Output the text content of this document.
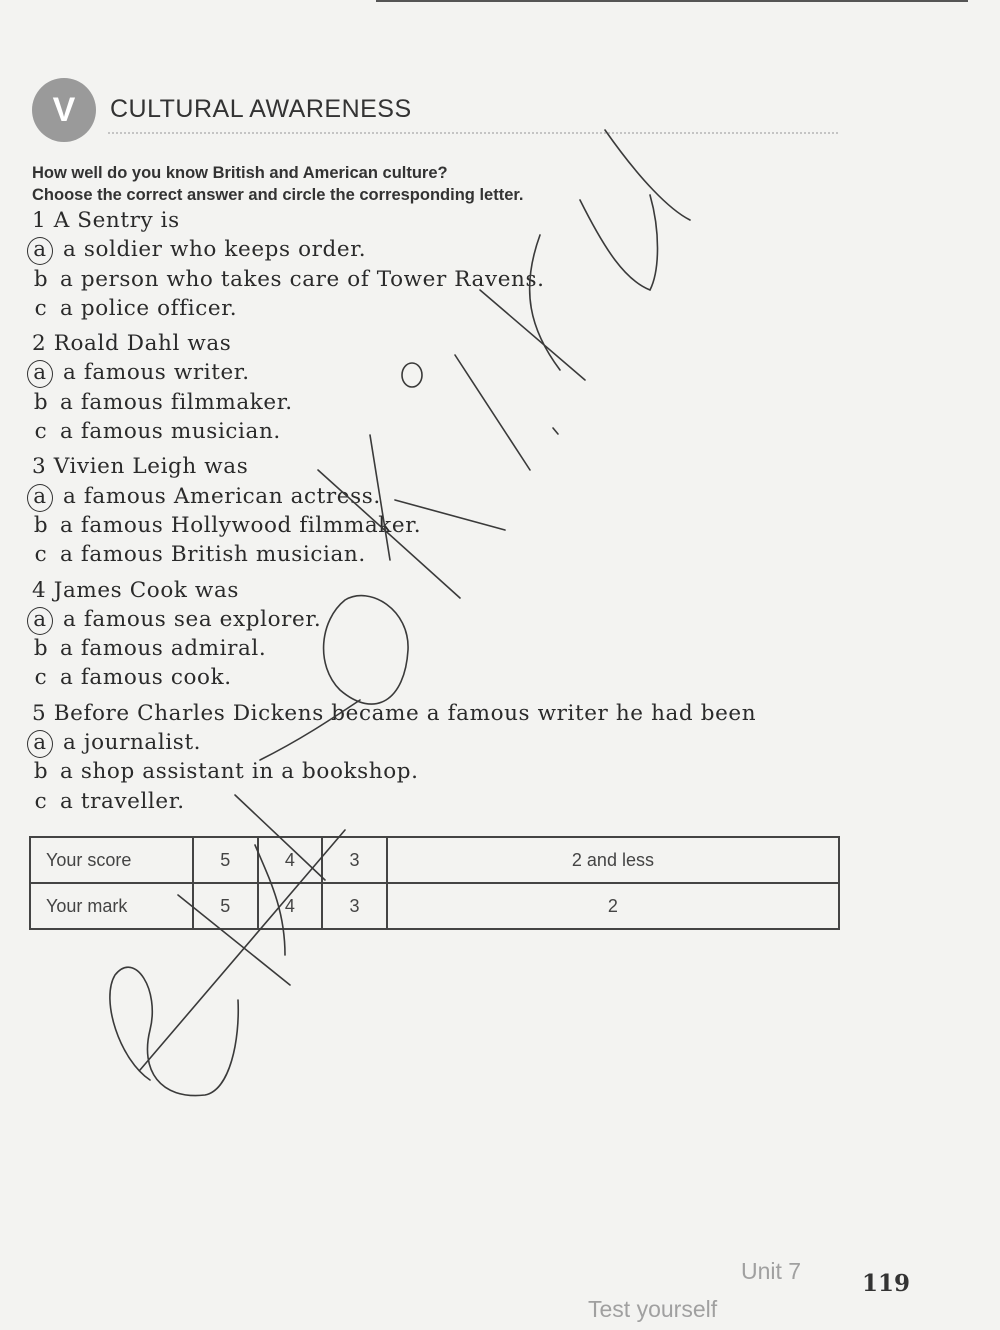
V CULTURAL AWARENESS
How well do you know British and American culture?
Choose the correct answer and circle the corresponding letter.
1 A Sentry is
a a soldier who keeps order.
b a person who takes care of Tower Ravens.
c a police officer.
2 Roald Dahl was
a a famous writer.
b a famous filmmaker.
c a famous musician.
3 Vivien Leigh was
a a famous American actress.
b a famous Hollywood filmmaker.
c a famous British musician.
4 James Cook was
a a famous sea explorer.
b a famous admiral.
c a famous cook.
5 Before Charles Dickens became a famous writer he had been
a a journalist.
b a shop assistant in a bookshop.
c a traveller.
Your score	5	4	3	2 and less
Your mark	5	4	3	2
Unit 7	119
Test yourself
